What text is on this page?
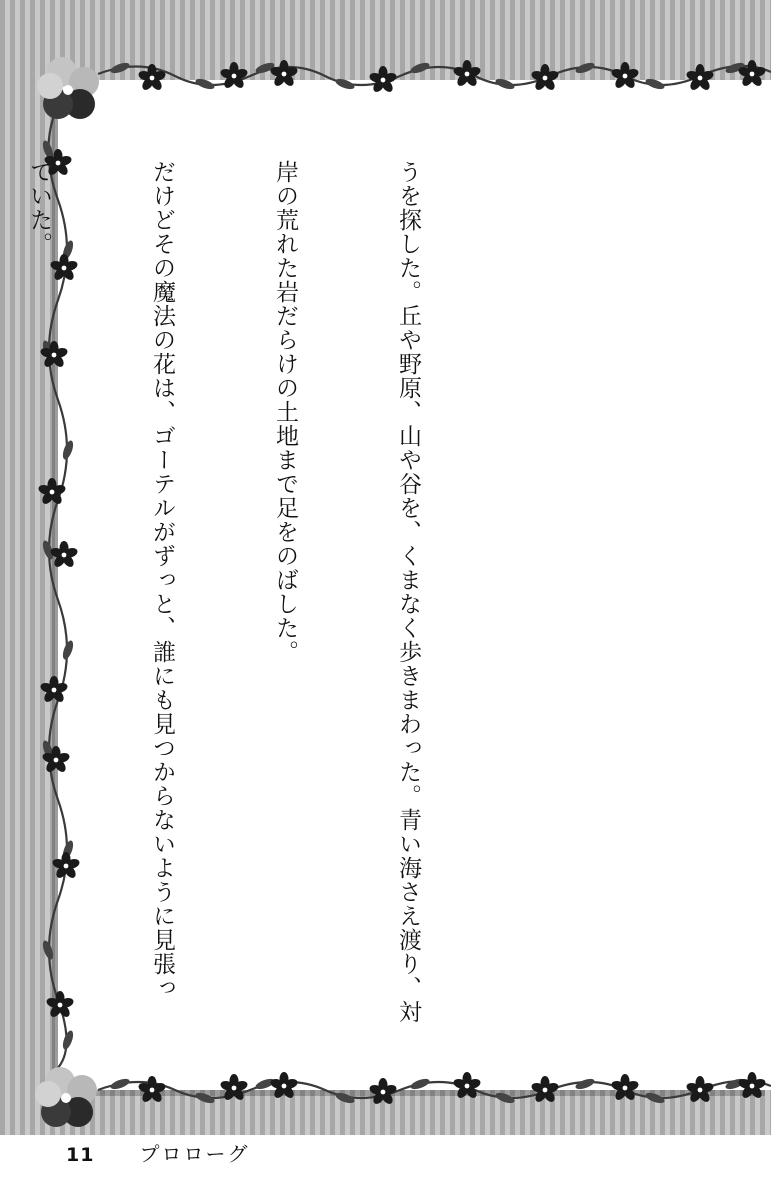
うを探した。丘や野原、山や谷を、くまなく歩きまわった。青い海さえ渡り、対

岸の荒れた岩だらけの土地まで足をのばした。

だけどその魔法の花は、ゴーテルがずっと、誰にも見つからないように見張っ

ていた。

11 プロローグ
